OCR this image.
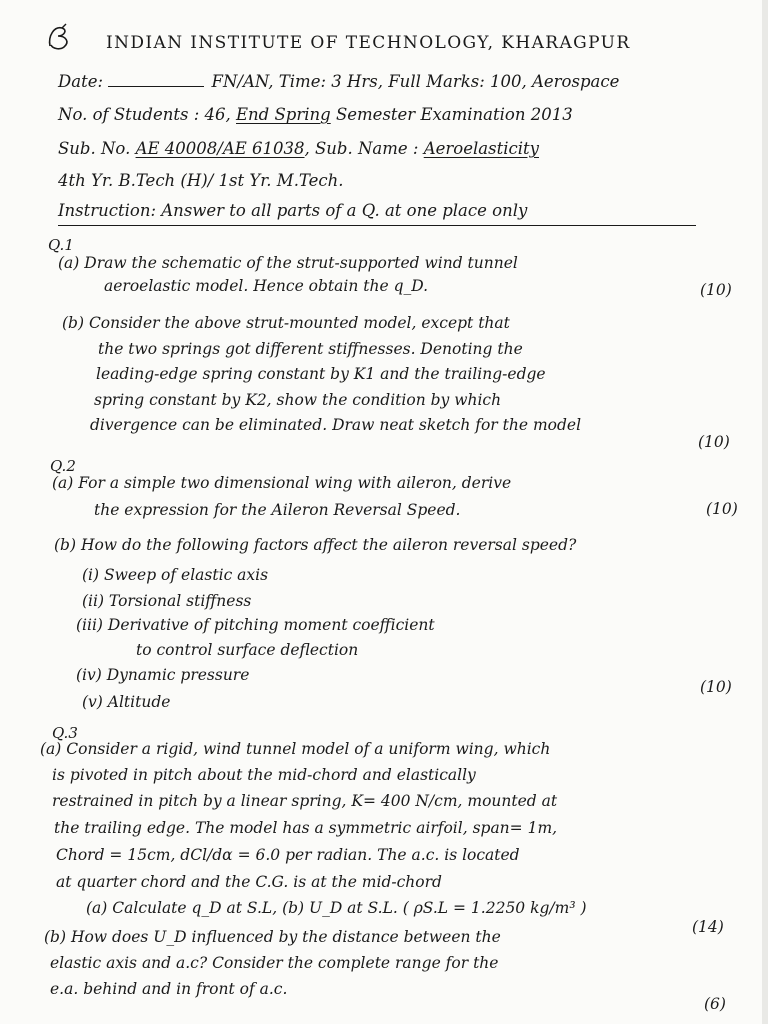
INDIAN INSTITUTE OF TECHNOLOGY, KHARAGPUR
Date:	FN/AN, Time: 3 Hrs, Full Marks: 100, Aerospace
No. of Students : 46, End Spring Semester Examination 2013
Sub. No. AE 40008/AE 61038, Sub. Name : Aeroelasticity
4th Yr. B.Tech (H)/ 1st Yr. M.Tech.
Instruction: Answer to all parts of a Q. at one place only
Q.1
(a) Draw the schematic of the strut-supported wind tunnel
aeroelastic model. Hence obtain the q_D.	(10)
(b) Consider the above strut-mounted model, except that
the two springs got different stiffnesses. Denoting the
leading-edge spring constant by K1 and the trailing-edge
spring constant by K2, show the condition by which
divergence can be eliminated. Draw neat sketch for the model
(10)
Q.2
(a) For a simple two dimensional wing with aileron, derive
the expression for the Aileron Reversal Speed.	(10)
(b) How do the following factors affect the aileron reversal speed?
(i) Sweep of elastic axis
(ii) Torsional stiffness
(iii) Derivative of pitching moment coefficient
to control surface deflection
(iv) Dynamic pressure
(v) Altitude
(10)
Q.3
(a) Consider a rigid, wind tunnel model of a uniform wing, which
is pivoted in pitch about the mid-chord and elastically
restrained in pitch by a linear spring, K= 400 N/cm, mounted at
the trailing edge. The model has a symmetric airfoil, span= 1m,
Chord = 15cm, dCl/dα = 6.0 per radian. The a.c. is located
at quarter chord and the C.G. is at the mid-chord
(a) Calculate q_D at S.L, (b) U_D at S.L. ( ρS.L = 1.2250 kg/m³ )
(14)
(b) How does U_D influenced by the distance between the
elastic axis and a.c? Consider the complete range for the
e.a. behind and in front of a.c.
(6)
